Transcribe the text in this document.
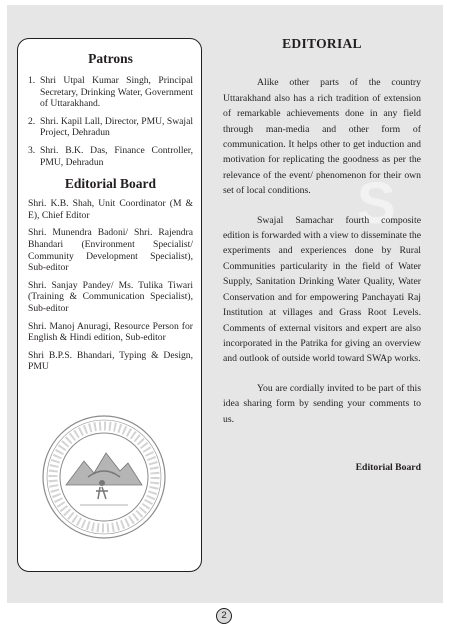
S
Patrons
1. Shri Utpal Kumar Singh, Principal Secretary, Drinking Water, Government of Uttarakhand.
2. Shri. Kapil Lall, Director, PMU, Swajal Project, Dehradun
3. Shri. B.K. Das, Finance Controller, PMU, Dehradun
Editorial Board
Shri. K.B. Shah, Unit Coordinator (M & E), Chief Editor
Shri. Munendra Badoni/ Shri. Rajendra Bhandari (Environment Specialist/ Community Development Specialist), Sub-editor
Shri. Sanjay Pandey/ Ms. Tulika Tiwari (Training & Communication Specialist), Sub-editor
Shri. Manoj Anuragi, Resource Person for English & Hindi edition, Sub-editor
Shri B.P.S. Bhandari, Typing & Design, PMU
EDITORIAL

Alike other parts of the country Uttarakhand also has a rich tradition of extension of remarkable achievements done in any field through man-media and other form of communication. It helps other to get induction and motivation for replicating the goodness as per the relevance of the event/ phenomenon for their own set of local conditions.

Swajal Samachar fourth composite edition is forwarded with a view to disseminate the experiments and experiences done by Rural Communities particularity in the field of Water Supply, Sanitation Drinking Water Quality, Water Conservation and for empowering Panchayati Raj Institution at villages and Grass Root Levels. Comments of external visitors and expert are also incorporated in the Patrika for giving an overview and outlook of outside world toward SWAp works.

You are cordially invited to be part of this idea sharing form by sending your comments to us.

Editorial Board
2
